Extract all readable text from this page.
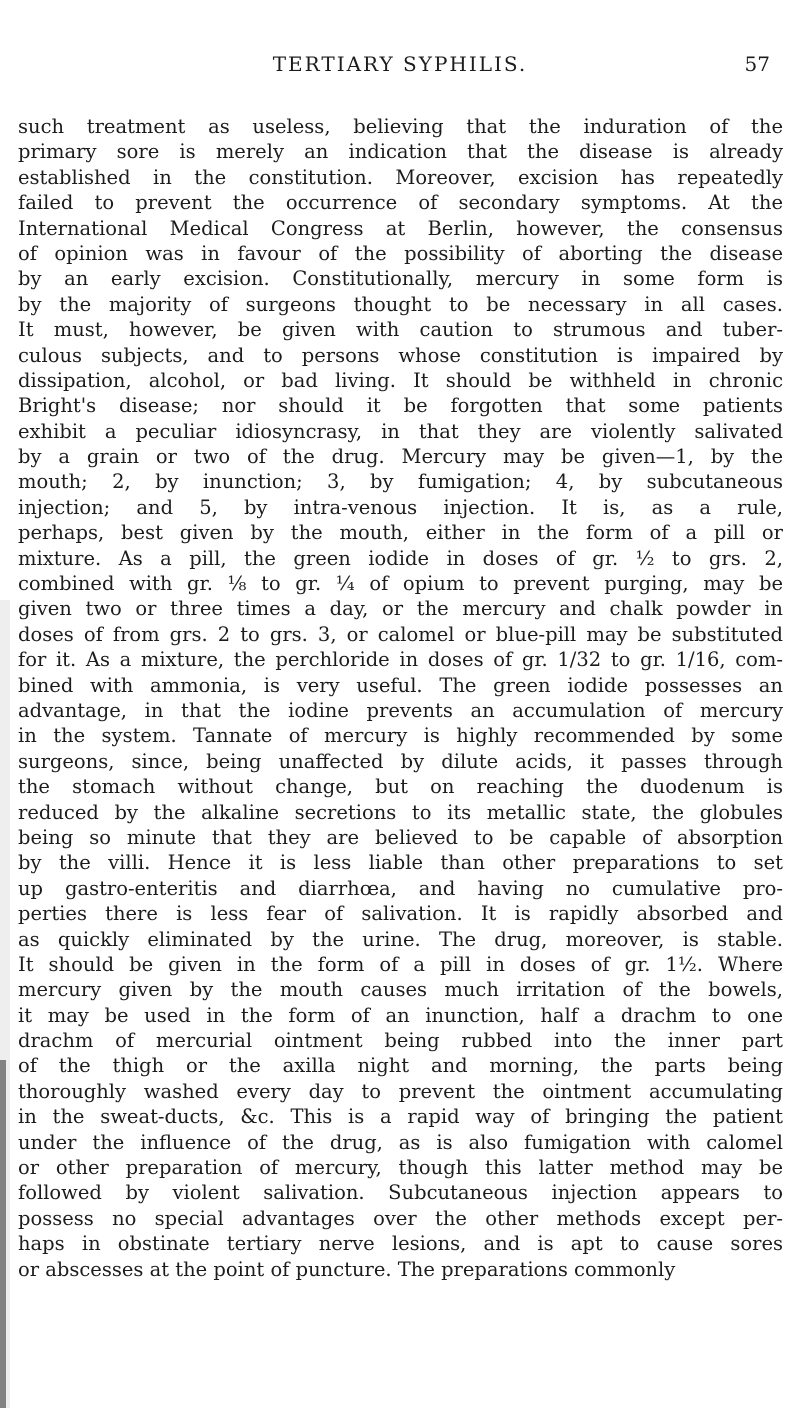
TERTIARY SYPHILIS.	57
such treatment as useless, believing that the induration of the
primary sore is merely an indication that the disease is already
established in the constitution. Moreover, excision has repeatedly
failed to prevent the occurrence of secondary symptoms. At the
International Medical Congress at Berlin, however, the consensus
of opinion was in favour of the possibility of aborting the disease
by an early excision. Constitutionally, mercury in some form is
by the majority of surgeons thought to be necessary in all cases.
It must, however, be given with caution to strumous and tuber-
culous subjects, and to persons whose constitution is impaired by
dissipation, alcohol, or bad living. It should be withheld in chronic
Bright's disease; nor should it be forgotten that some patients
exhibit a peculiar idiosyncrasy, in that they are violently salivated
by a grain or two of the drug. Mercury may be given—1, by the
mouth; 2, by inunction; 3, by fumigation; 4, by subcutaneous
injection; and 5, by intra-venous injection. It is, as a rule,
perhaps, best given by the mouth, either in the form of a pill or
mixture. As a pill, the green iodide in doses of gr. ½ to grs. 2,
combined with gr. ⅛ to gr. ¼ of opium to prevent purging, may be
given two or three times a day, or the mercury and chalk powder in
doses of from grs. 2 to grs. 3, or calomel or blue-pill may be substituted
for it. As a mixture, the perchloride in doses of gr. 1/32 to gr. 1/16, com-
bined with ammonia, is very useful. The green iodide possesses an
advantage, in that the iodine prevents an accumulation of mercury
in the system. Tannate of mercury is highly recommended by some
surgeons, since, being unaffected by dilute acids, it passes through
the stomach without change, but on reaching the duodenum is
reduced by the alkaline secretions to its metallic state, the globules
being so minute that they are believed to be capable of absorption
by the villi. Hence it is less liable than other preparations to set
up gastro-enteritis and diarrhœa, and having no cumulative pro-
perties there is less fear of salivation. It is rapidly absorbed and
as quickly eliminated by the urine. The drug, moreover, is stable.
It should be given in the form of a pill in doses of gr. 1½. Where
mercury given by the mouth causes much irritation of the bowels,
it may be used in the form of an inunction, half a drachm to one
drachm of mercurial ointment being rubbed into the inner part
of the thigh or the axilla night and morning, the parts being
thoroughly washed every day to prevent the ointment accumulating
in the sweat-ducts, &c. This is a rapid way of bringing the patient
under the influence of the drug, as is also fumigation with calomel
or other preparation of mercury, though this latter method may be
followed by violent salivation. Subcutaneous injection appears to
possess no special advantages over the other methods except per-
haps in obstinate tertiary nerve lesions, and is apt to cause sores
or abscesses at the point of puncture. The preparations commonly
